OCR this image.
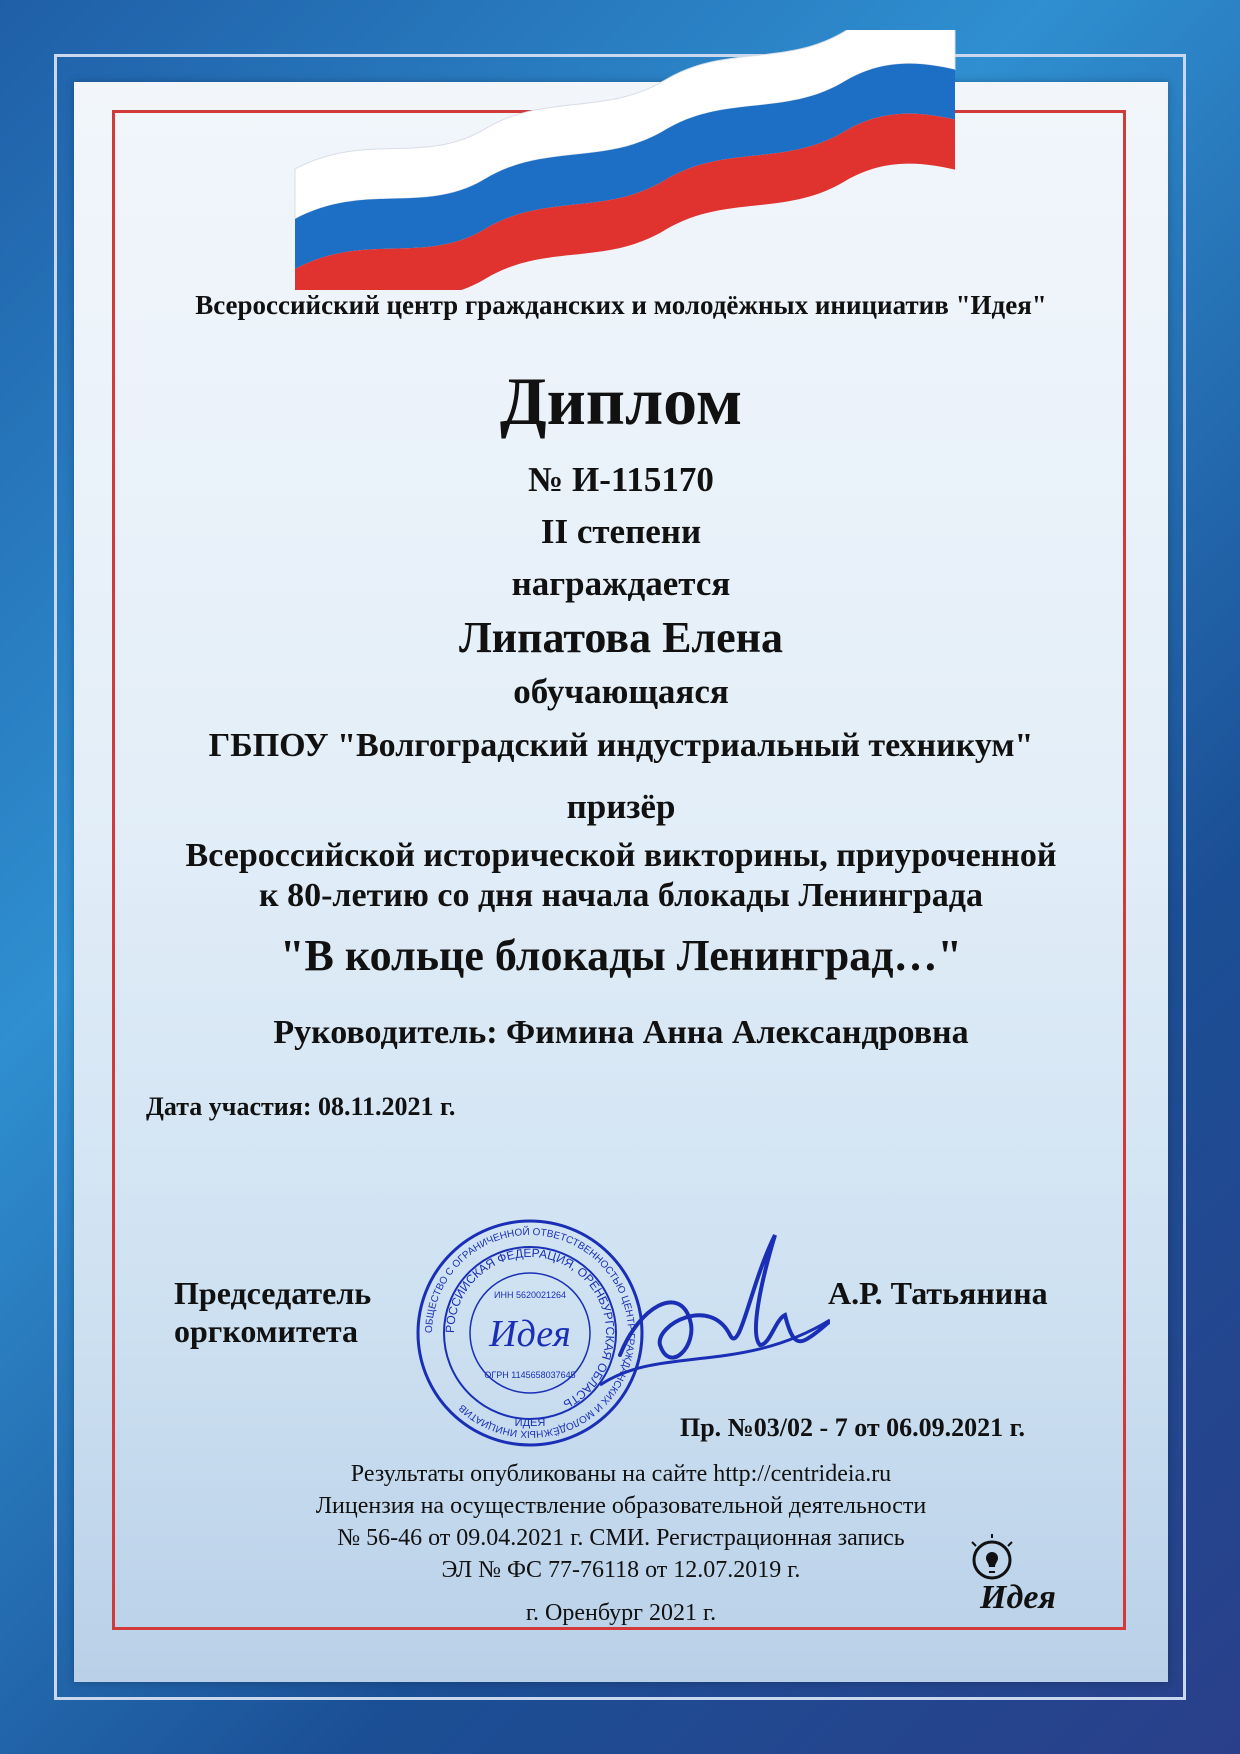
Всероссийский центр гражданских и молодёжных инициатив "Идея"
Диплом
№ И-115170
II степени
награждается
Липатова Елена
обучающаяся
ГБПОУ "Волгоградский индустриальный техникум"
призёр
Всероссийской исторической викторины, приуроченной
к 80-летию со дня начала блокады Ленинграда
"В кольце блокады Ленинград…"
Руководитель: Фимина Анна Александровна
Дата участия: 08.11.2021 г.
Председатель
оргкомитета
А.Р. Татьянина
ОБЩЕСТВО С ОГРАНИЧЕННОЙ ОТВЕТСТВЕННОСТЬЮ ЦЕНТР ГРАЖДАНСКИХ И МОЛОДЁЖНЫХ ИНИЦИАТИВ
РОССИЙСКАЯ ФЕДЕРАЦИЯ, ОРЕНБУРГСКАЯ ОБЛАСТЬ
ИНН 5620021264
ОГРН 1145658037645
ИДЕЯ
Идея
Пр. №03/02 - 7 от 06.09.2021 г.
Результаты опубликованы на сайте http://centrideia.ru
Лицензия на осуществление образовательной деятельности
№ 56-46 от 09.04.2021 г. СМИ. Регистрационная запись
ЭЛ № ФС 77-76118 от 12.07.2019 г.
г. Оренбург 2021 г.	Идея
